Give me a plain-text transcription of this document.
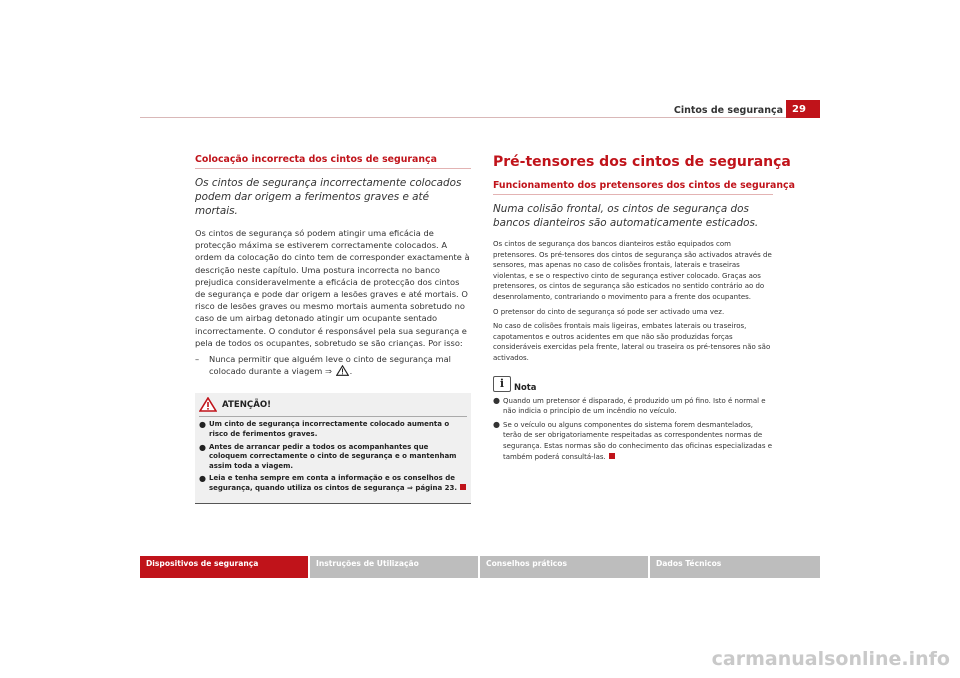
Cintos de segurança 29
Colocação incorrecta dos cintos de segurança
Os cintos de segurança incorrectamente colocados podem dar origem a ferimentos graves e até mortais.

Os cintos de segurança só podem atingir uma eficácia de protecção máxima se estiverem correctamente colocados. A ordem da colocação do cinto tem de corresponder exactamente à descrição neste capítulo. Uma postura incorrecta no banco prejudica consideravelmente a eficácia de protecção dos cintos de segurança e pode dar origem a lesões graves e até mortais. O risco de lesões graves ou mesmo mortais aumenta sobretudo no caso de um airbag detonado atingir um ocupante sentado incorrectamente. O condutor é responsável pela sua segurança e pela de todos os ocupantes, sobretudo se são crianças. Por isso:

–	Nunca permitir que alguém leve o cinto de segurança mal colocado durante a viagem ⇒ .
ATENÇÃO!
● Um cinto de segurança incorrectamente colocado aumenta o risco de ferimentos graves.
● Antes de arrancar pedir a todos os acompanhantes que coloquem correctamente o cinto de segurança e o mantenham assim toda a viagem.
● Leia e tenha sempre em conta a informação e os conselhos de segurança, quando utiliza os cintos de segurança ⇒ página 23.
Pré-tensores dos cintos de segurança
Funcionamento dos pretensores dos cintos de segurança
Numa colisão frontal, os cintos de segurança dos bancos dianteiros são automaticamente esticados.

Os cintos de segurança dos bancos dianteiros estão equipados com pretensores. Os pré-tensores dos cintos de segurança são activados através de sensores, mas apenas no caso de colisões frontais, laterais e traseiras violentas, e se o respectivo cinto de segurança estiver colocado. Graças aos pretensores, os cintos de segurança são esticados no sentido contrário ao do desenrolamento, contrariando o movimento para a frente dos ocupantes.

O pretensor do cinto de segurança só pode ser activado uma vez.

No caso de colisões frontais mais ligeiras, embates laterais ou traseiros, capotamentos e outros acidentes em que não são produzidas forças consideráveis exercidas pela frente, lateral ou traseira os pré-tensores não são activados.

i	Nota
● Quando um pretensor é disparado, é produzido um pó fino. Isto é normal e não indicia o princípio de um incêndio no veículo.
● Se o veículo ou alguns componentes do sistema forem desmantelados, terão de ser obrigatoriamente respeitadas as correspondentes normas de segurança. Estas normas são do conhecimento das oficinas especializadas e também poderá consultá-las.
Dispositivos de segurança	Instruções de Utilização	Conselhos práticos	Dados Técnicos
carmanualsonline.info
